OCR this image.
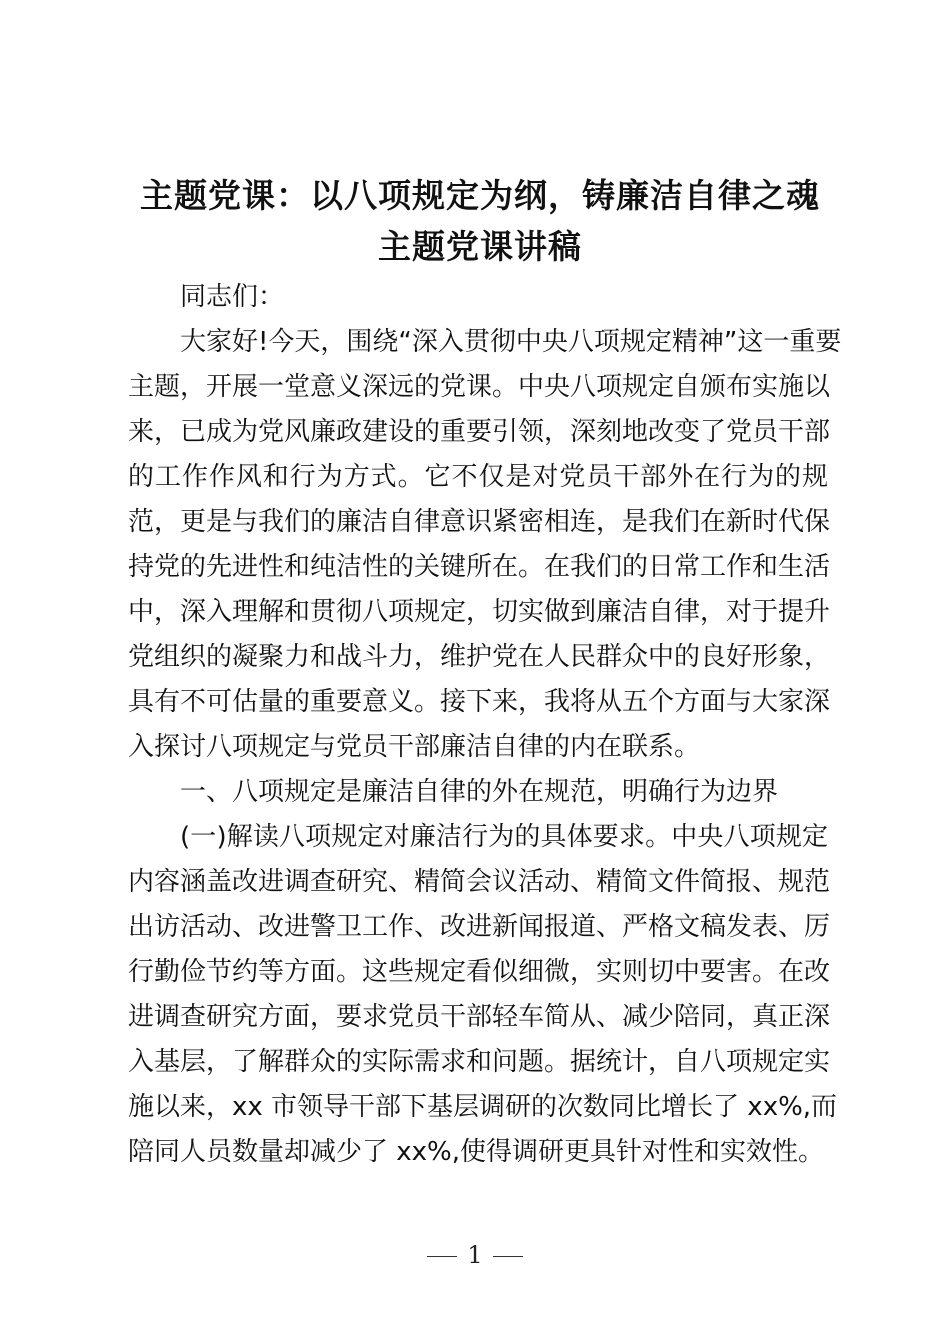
主题党课：以八项规定为纲，铸廉洁自律之魂
主题党课讲稿
同志们：
大家好!今天，围绕“深入贯彻中央八项规定精神”这一重要
主题，开展一堂意义深远的党课。中央八项规定自颁布实施以
来，已成为党风廉政建设的重要引领，深刻地改变了党员干部
的工作作风和行为方式。它不仅是对党员干部外在行为的规
范，更是与我们的廉洁自律意识紧密相连，是我们在新时代保
持党的先进性和纯洁性的关键所在。在我们的日常工作和生活
中，深入理解和贯彻八项规定，切实做到廉洁自律，对于提升
党组织的凝聚力和战斗力，维护党在人民群众中的良好形象，
具有不可估量的重要意义。接下来，我将从五个方面与大家深
入探讨八项规定与党员干部廉洁自律的内在联系。
一、八项规定是廉洁自律的外在规范，明确行为边界
(一)解读八项规定对廉洁行为的具体要求。中央八项规定
内容涵盖改进调查研究、精简会议活动、精简文件简报、规范
出访活动、改进警卫工作、改进新闻报道、严格文稿发表、厉
行勤俭节约等方面。这些规定看似细微，实则切中要害。在改
进调查研究方面，要求党员干部轻车简从、减少陪同，真正深
入基层，了解群众的实际需求和问题。据统计，自八项规定实
施以来，xx 市领导干部下基层调研的次数同比增长了 xx%,而
陪同人员数量却减少了 xx%,使得调研更具针对性和实效性。
1
